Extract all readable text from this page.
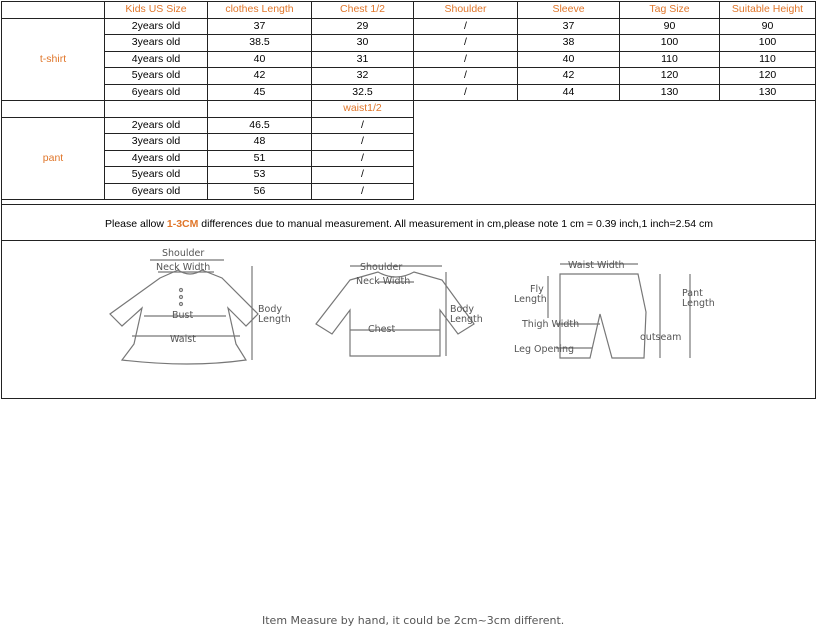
	Kids US Size	clothes Length	Chest 1/2	Shoulder	Sleeve	Tag Size	Suitable Height
t-shirt	2years old	37	29	/	37	90	90
	3years old	38.5	30	/	38	100	100
	4years old	40	31	/	40	110	110
	5years old	42	32	/	42	120	120
	6years old	45	32.5	/	44	130	130
			waist1/2				
pant	2years old	46.5	/				
	3years old	48	/				
	4years old	51	/				
	5years old	53	/				
	6years old	56	/				
Please allow 1-3CM differences due to manual measurement. All measurement in cm,please note 1 cm = 0.39 inch,1 inch=2.54 cm
Shoulder
Neck Width
Bust
Waist
Body
Length
Shoulder
Neck Width
Chest
Body
Length
Waist Width
Fly
Length
Thigh Width
Leg Opening
outseam
Pant
Length
Item Measure by hand, it could be 2cm~3cm different.
